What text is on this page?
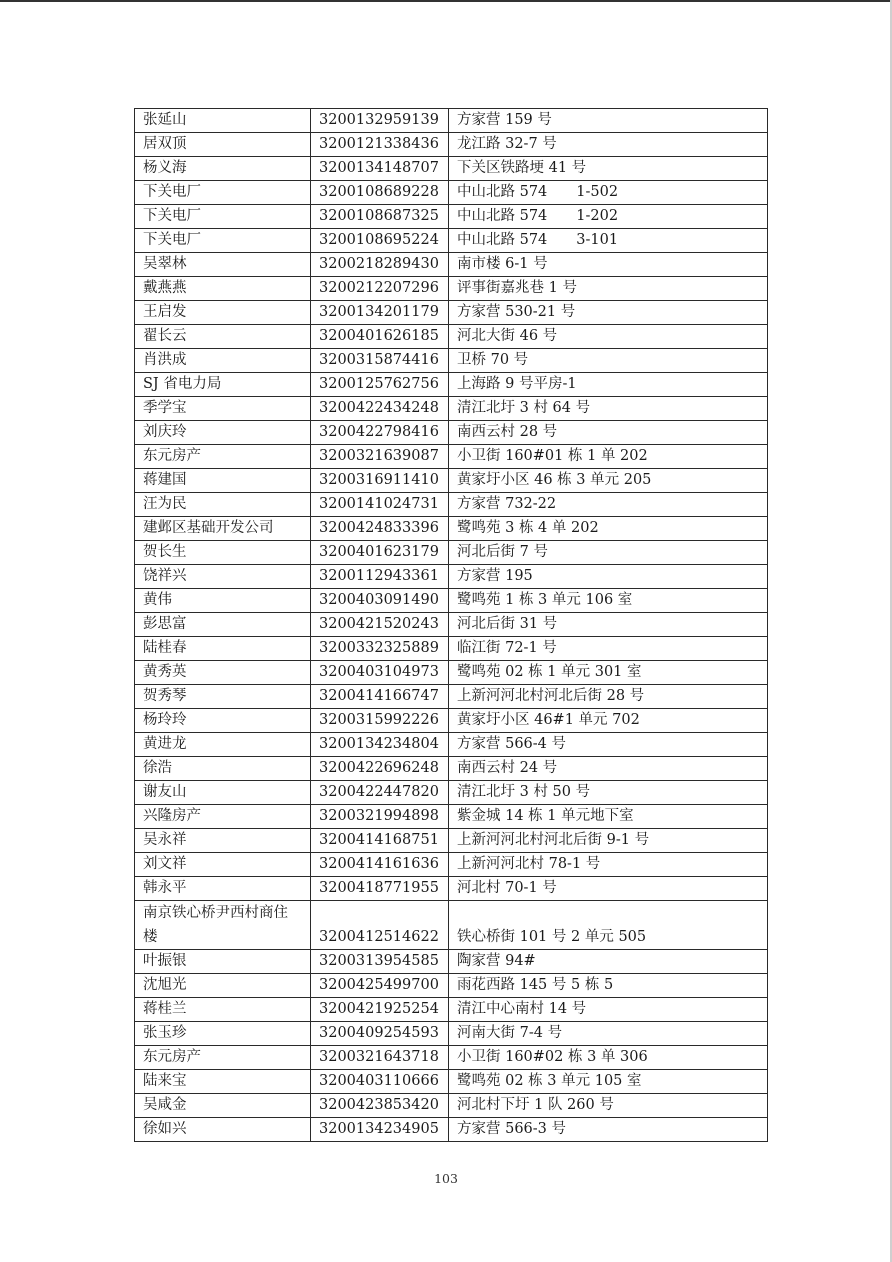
张延山	3200132959139	方家营 159 号
居双顶	3200121338436	龙江路 32-7 号
杨义海	3200134148707	下关区铁路埂 41 号
下关电厂	3200108689228	中山北路 574　　1-502
下关电厂	3200108687325	中山北路 574　　1-202
下关电厂	3200108695224	中山北路 574　　3-101
吴翠林	3200218289430	南市楼 6-1 号
戴燕燕	3200212207296	评事街嘉兆巷 1 号
王启发	3200134201179	方家营 530-21 号
翟长云	3200401626185	河北大街 46 号
肖洪成	3200315874416	卫桥 70 号
SJ 省电力局	3200125762756	上海路 9 号平房-1
季学宝	3200422434248	清江北圩 3 村 64 号
刘庆玲	3200422798416	南西云村 28 号
东元房产	3200321639087	小卫街 160#01 栋 1 单 202
蒋建国	3200316911410	黄家圩小区 46 栋 3 单元 205
汪为民	3200141024731	方家营 732-22
建邺区基础开发公司	3200424833396	鹭鸣苑 3 栋 4 单 202
贺长生	3200401623179	河北后街 7 号
饶祥兴	3200112943361	方家营 195
黄伟	3200403091490	鹭鸣苑 1 栋 3 单元 106 室
彭思富	3200421520243	河北后街 31 号
陆桂春	3200332325889	临江街 72-1 号
黄秀英	3200403104973	鹭鸣苑 02 栋 1 单元 301 室
贺秀琴	3200414166747	上新河河北村河北后街 28 号
杨玲玲	3200315992226	黄家圩小区 46#1 单元 702
黄进龙	3200134234804	方家营 566-4 号
徐浩	3200422696248	南西云村 24 号
谢友山	3200422447820	清江北圩 3 村 50 号
兴隆房产	3200321994898	紫金城 14 栋 1 单元地下室
吴永祥	3200414168751	上新河河北村河北后街 9-1 号
刘文祥	3200414161636	上新河河北村 78-1 号
韩永平	3200418771955	河北村 70-1 号
南京铁心桥尹西村商住楼	3200412514622	铁心桥街 101 号 2 单元 505
叶振银	3200313954585	陶家营 94#
沈旭光	3200425499700	雨花西路 145 号 5 栋 5
蒋桂兰	3200421925254	清江中心南村 14 号
张玉珍	3200409254593	河南大街 7-4 号
东元房产	3200321643718	小卫街 160#02 栋 3 单 306
陆来宝	3200403110666	鹭鸣苑 02 栋 3 单元 105 室
吴咸金	3200423853420	河北村下圩 1 队 260 号
徐如兴	3200134234905	方家营 566-3 号
103
